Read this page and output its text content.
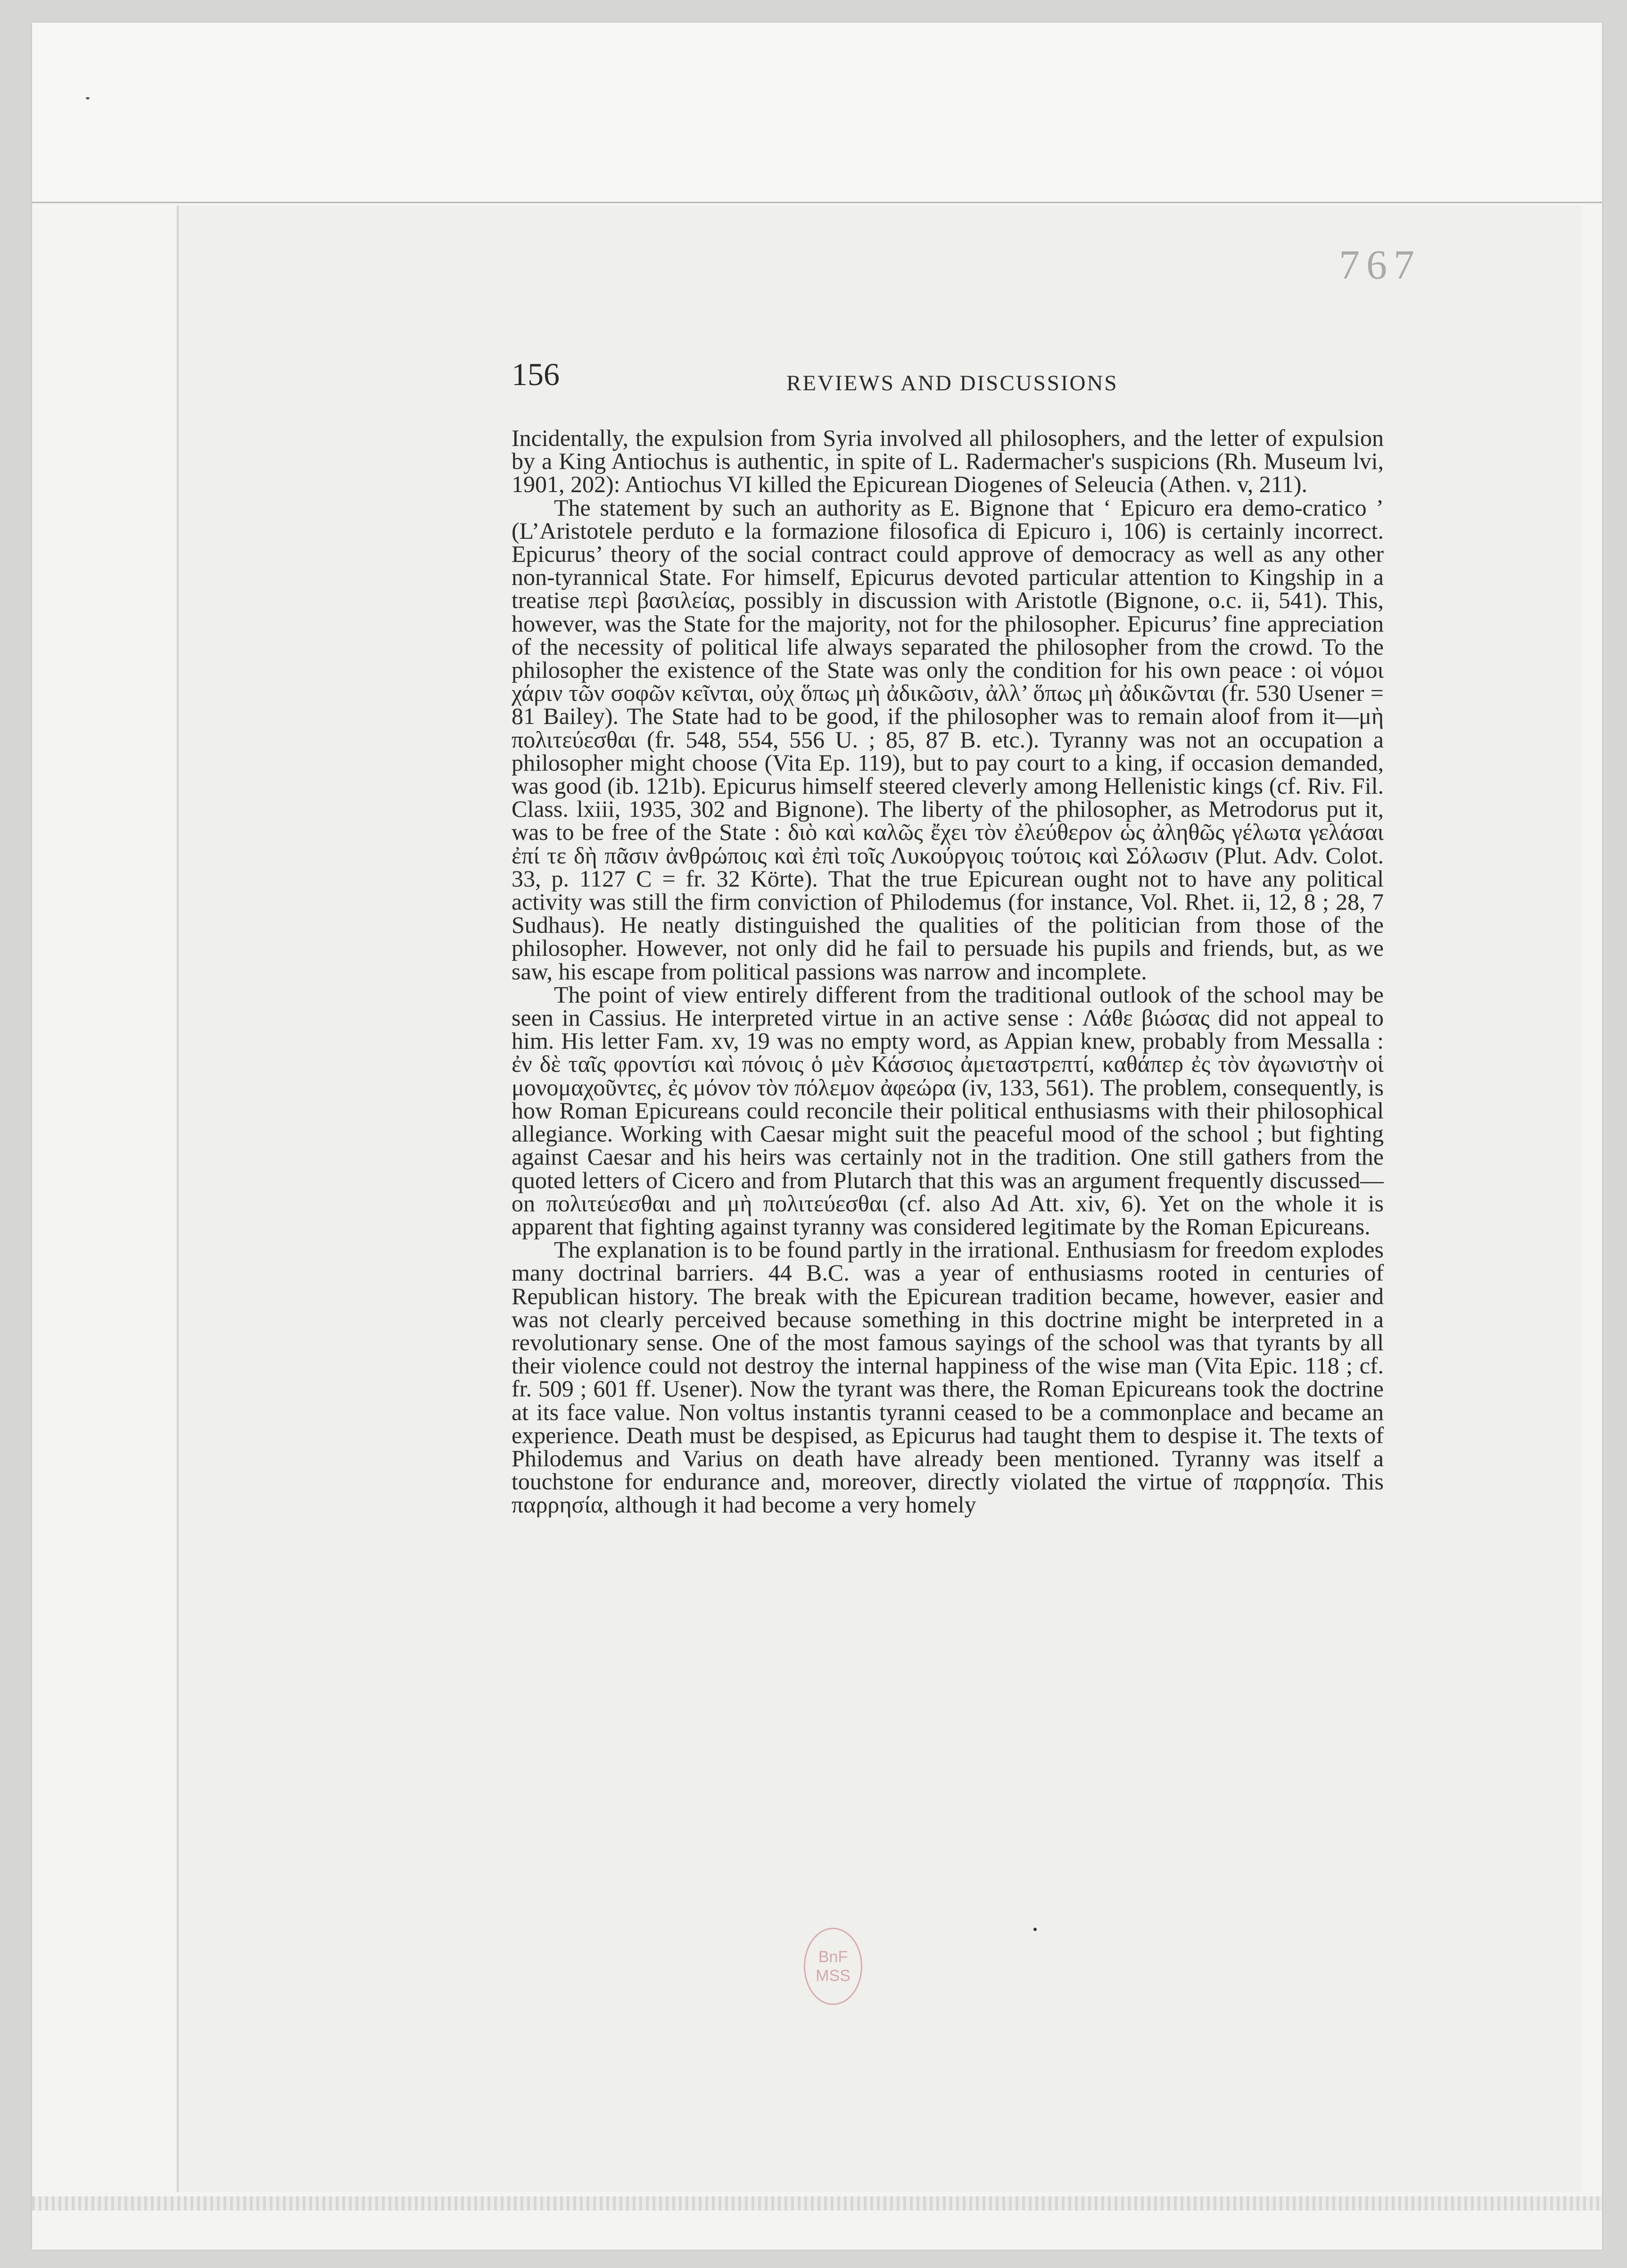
767
156	REVIEWS AND DISCUSSIONS

Incidentally, the expulsion from Syria involved all philosophers, and the letter of expulsion by a King Antiochus is authentic, in spite of L. Radermacher's suspicions (Rh. Museum lvi, 1901, 202): Antiochus VI killed the Epicurean Diogenes of Seleucia (Athen. v, 211).

The statement by such an authority as E. Bignone that ‘ Epicuro era demo-cratico ’ (L’Aristotele perduto e la formazione filosofica di Epicuro i, 106) is certainly incorrect. Epicurus’ theory of the social contract could approve of democracy as well as any other non-tyrannical State. For himself, Epicurus devoted particular attention to Kingship in a treatise περὶ βασιλείας, possibly in discussion with Aristotle (Bignone, o.c. ii, 541). This, however, was the State for the majority, not for the philosopher. Epicurus’ fine appreciation of the necessity of political life always separated the philosopher from the crowd. To the philosopher the existence of the State was only the condition for his own peace : οἱ νόμοι χάριν τῶν σοφῶν κεῖνται, οὐχ ὅπως μὴ ἀδικῶσιν, ἀλλ’ ὅπως μὴ ἀδικῶνται (fr. 530 Usener = 81 Bailey). The State had to be good, if the philosopher was to remain aloof from it—μὴ πολιτεύεσθαι (fr. 548, 554, 556 U. ; 85, 87 B. etc.). Tyranny was not an occupation a philosopher might choose (Vita Ep. 119), but to pay court to a king, if occasion demanded, was good (ib. 121b). Epicurus himself steered cleverly among Hellenistic kings (cf. Riv. Fil. Class. lxiii, 1935, 302 and Bignone). The liberty of the philosopher, as Metrodorus put it, was to be free of the State : διὸ καὶ καλῶς ἔχει τὸν ἐλεύθερον ὡς ἀληθῶς γέλωτα γελάσαι ἐπί τε δὴ πᾶσιν ἀνθρώποις καὶ ἐπὶ τοῖς Λυκούργοις τούτοις καὶ Σόλωσιν (Plut. Adv. Colot. 33, p. 1127 C = fr. 32 Körte). That the true Epicurean ought not to have any political activity was still the firm conviction of Philodemus (for instance, Vol. Rhet. ii, 12, 8 ; 28, 7 Sudhaus). He neatly distinguished the qualities of the politician from those of the philosopher. However, not only did he fail to persuade his pupils and friends, but, as we saw, his escape from political passions was narrow and incomplete.

The point of view entirely different from the traditional outlook of the school may be seen in Cassius. He interpreted virtue in an active sense : Λάθε βιώσας did not appeal to him. His letter Fam. xv, 19 was no empty word, as Appian knew, probably from Messalla : ἐν δὲ ταῖς φροντίσι καὶ πόνοις ὁ μὲν Κάσσιος ἀμεταστρεπτί, καθάπερ ἐς τὸν ἀγωνιστὴν οἱ μονομαχοῦντες, ἐς μόνον τὸν πόλεμον ἀφεώρα (iv, 133, 561). The problem, consequently, is how Roman Epicureans could reconcile their political enthusiasms with their philosophical allegiance. Working with Caesar might suit the peaceful mood of the school ; but fighting against Caesar and his heirs was certainly not in the tradition. One still gathers from the quoted letters of Cicero and from Plutarch that this was an argument frequently discussed—on πολιτεύεσθαι and μὴ πολιτεύεσθαι (cf. also Ad Att. xiv, 6). Yet on the whole it is apparent that fighting against tyranny was considered legitimate by the Roman Epicureans.

The explanation is to be found partly in the irrational. Enthusiasm for freedom explodes many doctrinal barriers. 44 B.C. was a year of enthusiasms rooted in centuries of Republican history. The break with the Epicurean tradition became, however, easier and was not clearly perceived because something in this doctrine might be interpreted in a revolutionary sense. One of the most famous sayings of the school was that tyrants by all their violence could not destroy the internal happiness of the wise man (Vita Epic. 118 ; cf. fr. 509 ; 601 ff. Usener). Now the tyrant was there, the Roman Epicureans took the doctrine at its face value. Non voltus instantis tyranni ceased to be a commonplace and became an experience. Death must be despised, as Epicurus had taught them to despise it. The texts of Philodemus and Varius on death have already been mentioned. Tyranny was itself a touchstone for endurance and, moreover, directly violated the virtue of παρρησία. This παρρησία, although it had become a very homely

BnF
MSS
